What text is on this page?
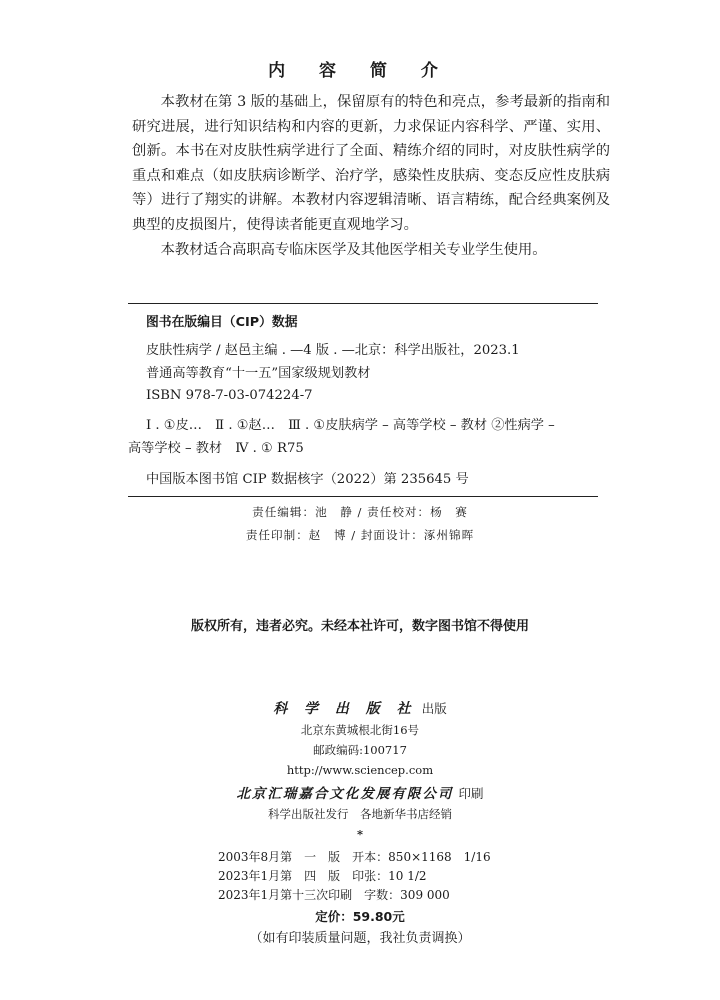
内 容 简 介

本教材在第 3 版的基础上，保留原有的特色和亮点，参考最新的指南和研究进展，进行知识结构和内容的更新，力求保证内容科学、严谨、实用、创新。本书在对皮肤性病学进行了全面、精练介绍的同时，对皮肤性病学的重点和难点（如皮肤病诊断学、治疗学，感染性皮肤病、变态反应性皮肤病等）进行了翔实的讲解。本教材内容逻辑清晰、语言精练，配合经典案例及典型的皮损图片，使得读者能更直观地学习。

本教材适合高职高专临床医学及其他医学相关专业学生使用。

图书在版编目（CIP）数据
皮肤性病学 / 赵邑主编 . —4 版 . —北京：科学出版社，2023.1
普通高等教育“十一五”国家级规划教材
ISBN 978-7-03-074224-7
Ⅰ . ①皮…　Ⅱ . ①赵…　Ⅲ . ①皮肤病学 – 高等学校 – 教材 ②性病学 –
高等学校 – 教材　Ⅳ . ① R75
中国版本图书馆 CIP 数据核字（2022）第 235645 号
责任编辑：池　静 / 责任校对：杨　赛
责任印制：赵　博 / 封面设计：涿州锦晖
版权所有，违者必究。未经本社许可，数字图书馆不得使用
科 学 出 版 社 出版
北京东黄城根北街16号
邮政编码:100717
http://www.sciencep.com
北京汇瑞嘉合文化发展有限公司 印刷
科学出版社发行　各地新华书店经销
*
2003年8月第　一　版　开本：850×1168　1/16
2023年1月第　四　版　印张：10 1/2
2023年1月第十三次印刷　字数：309 000
定价：59.80元
（如有印装质量问题，我社负责调换）
